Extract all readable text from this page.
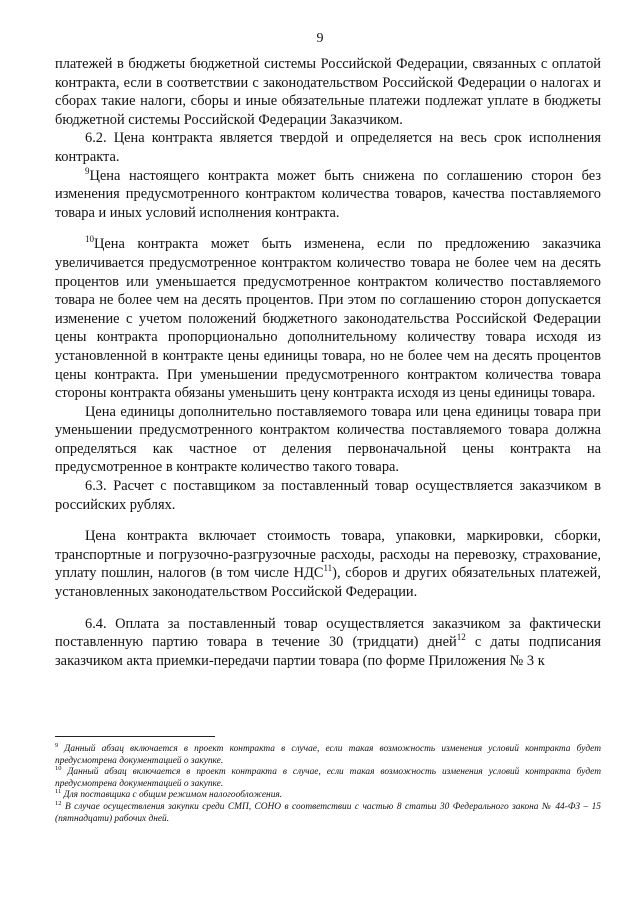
9

платежей в бюджеты бюджетной системы Российской Федерации, связанных с оплатой контракта, если в соответствии с законодательством Российской Федерации о налогах и сборах такие налоги, сборы и иные обязательные платежи подлежат уплате в бюджеты бюджетной системы Российской Федерации Заказчиком.

6.2. Цена контракта является твердой и определяется на весь срок исполнения контракта.

$^9$Цена настоящего контракта может быть снижена по соглашению сторон без изменения предусмотренного контрактом количества товаров, качества поставляемого товара и иных условий исполнения контракта.

$^{10}$Цена контракта может быть изменена, если по предложению заказчика увеличивается предусмотренное контрактом количество товара не более чем на десять процентов или уменьшается предусмотренное контрактом количество поставляемого товара не более чем на десять процентов. При этом по соглашению сторон допускается изменение с учетом положений бюджетного законодательства Российской Федерации цены контракта пропорционально дополнительному количеству товара исходя из установленной в контракте цены единицы товара, но не более чем на десять процентов цены контракта. При уменьшении предусмотренного контрактом количества товара стороны контракта обязаны уменьшить цену контракта исходя из цены единицы товара.

Цена единицы дополнительно поставляемого товара или цена единицы товара при уменьшении предусмотренного контрактом количества поставляемого товара должна определяться как частное от деления первоначальной цены контракта на предусмотренное в контракте количество такого товара.

6.3. Расчет с поставщиком за поставленный товар осуществляется заказчиком в российских рублях.

Цена контракта включает стоимость товара, упаковки, маркировки, сборки, транспортные и погрузочно-разгрузочные расходы, расходы на перевозку, страхование, уплату пошлин, налогов (в том числе НДС$^{11}$), сборов и других обязательных платежей, установленных законодательством Российской Федерации.

6.4. Оплата за поставленный товар осуществляется заказчиком за фактически поставленную партию товара в течение 30 (тридцати) дней$^{12}$ с даты подписания заказчиком акта приемки-передачи партии товара (по форме Приложения № 3 к

$^9$ Данный абзац включается в проект контракта в случае, если такая возможность изменения условий контракта будет предусмотрена документацией о закупке.

$^{10}$ Данный абзац включается в проект контракта в случае, если такая возможность изменения условий контракта будет предусмотрена документацией о закупке.

$^{11}$ Для поставщика с общим режимом налогообложения.

$^{12}$ В случае осуществления закупки среди СМП, СОНО в соответствии с частью 8 статьи 30 Федерального закона № 44-ФЗ – 15 (пятнадцати) рабочих дней.
